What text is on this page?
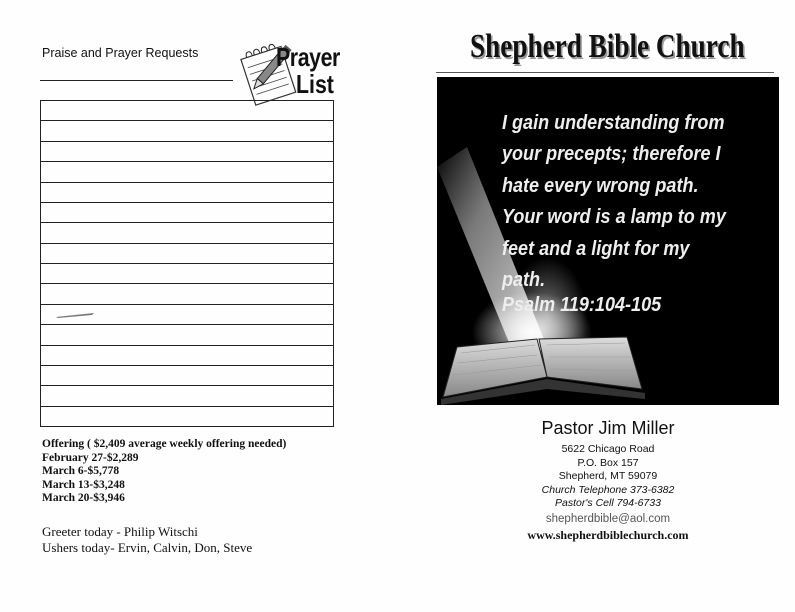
Praise and Prayer Requests	Prayer
List
Offering ( $2,409 average weekly offering needed)
February 27-$2,289
March 6-$5,778
March 13-$3,248
March 20-$3,946
Greeter today - Philip Witschi
Ushers today- Ervin, Calvin, Don, Steve
Shepherd Bible Church
I gain understanding from
your precepts; therefore I
hate every wrong path.
Your word is a lamp to my
feet and a light for my
path.
Psalm 119:104-105
Pastor Jim Miller
5622 Chicago Road
P.O. Box 157
Shepherd, MT 59079
Church Telephone 373-6382
Pastor's Cell 794-6733
shepherdbible@aol.com
www.shepherdbiblechurch.com
